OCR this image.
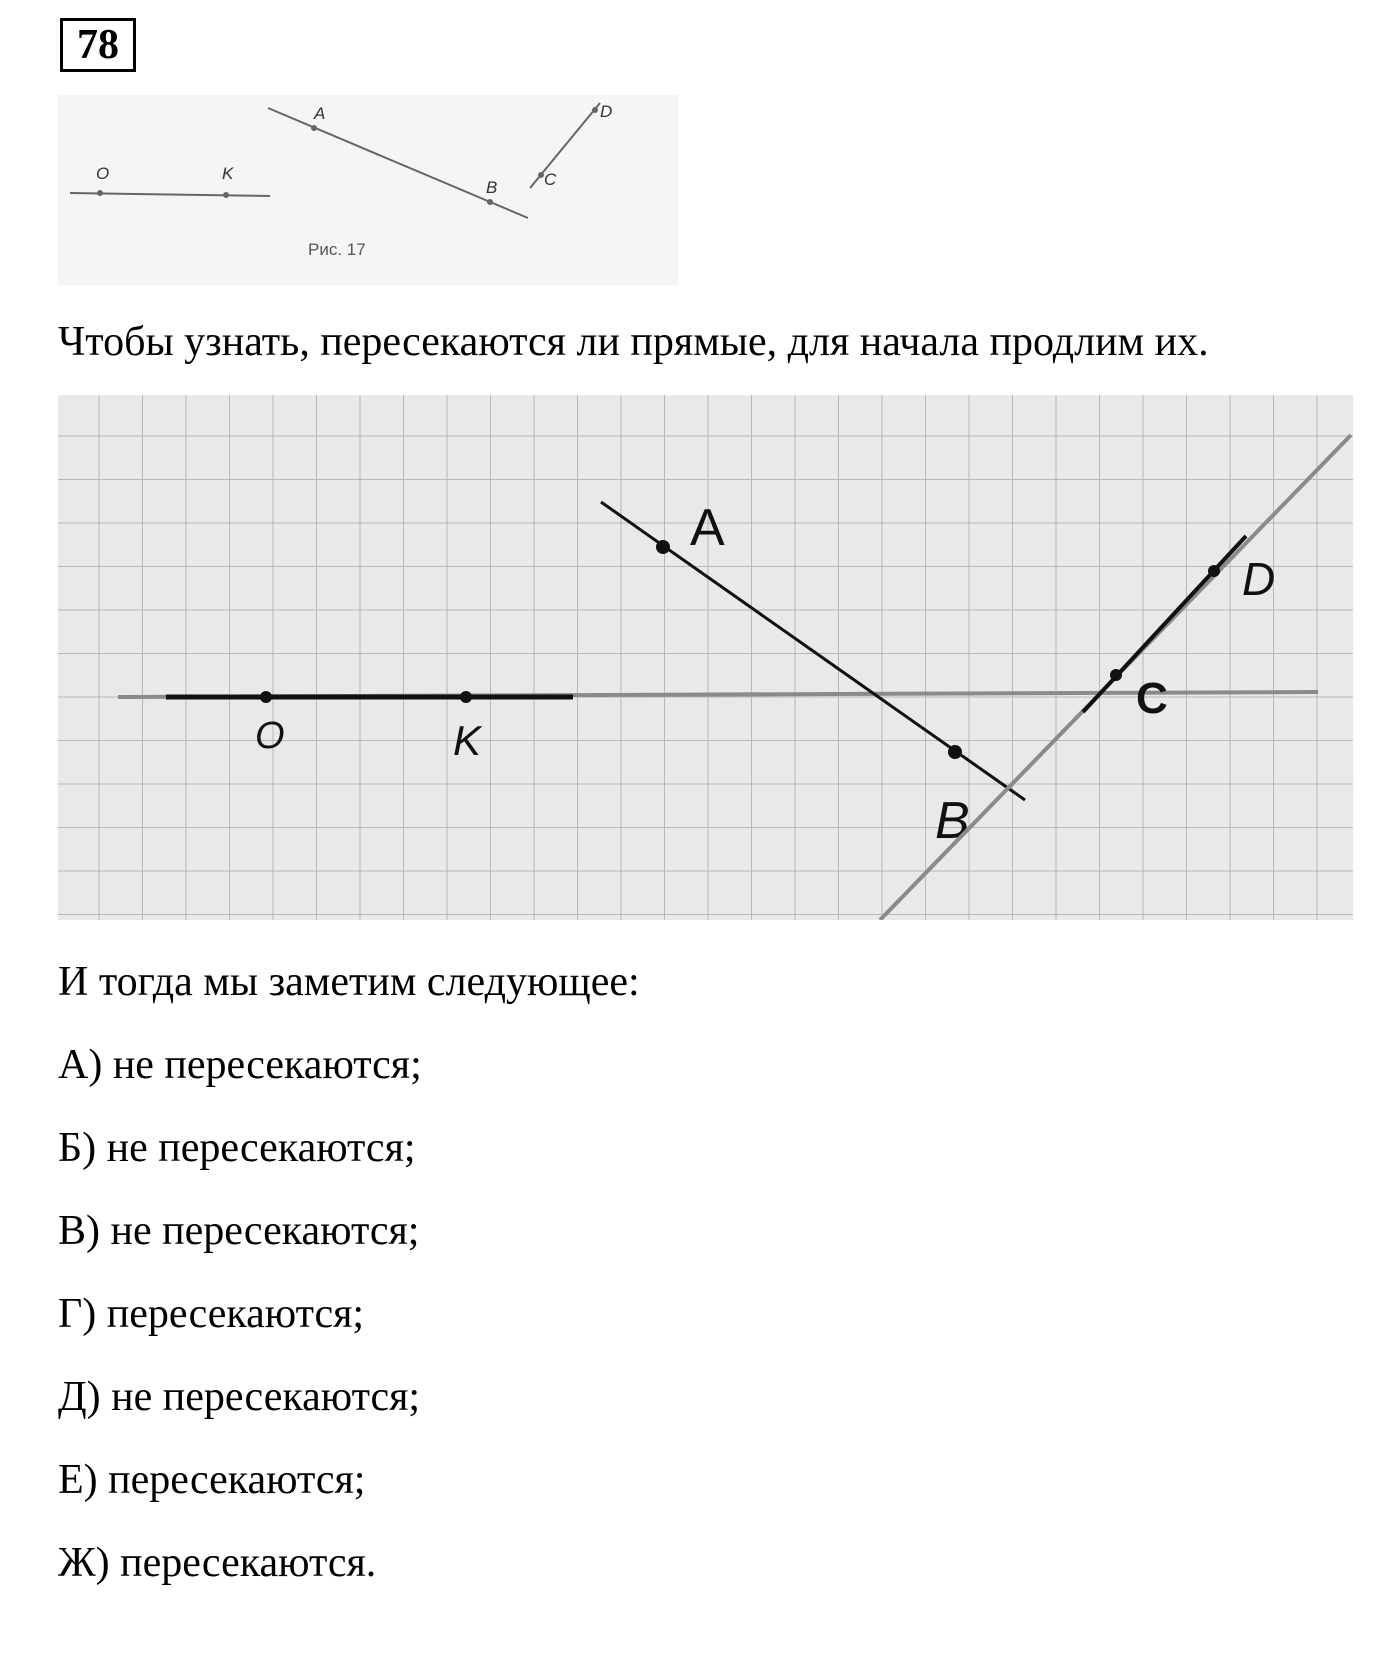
78
O	K
A
B	C
D
Рис. 17
Чтобы узнать, пересекаются ли прямые, для начала продлим их.
O	K
A
B
C
D
И тогда мы заметим следующее:
А) не пересекаются;
Б) не пересекаются;
В) не пересекаются;
Г) пересекаются;
Д) не пересекаются;
Е) пересекаются;
Ж) пересекаются.
